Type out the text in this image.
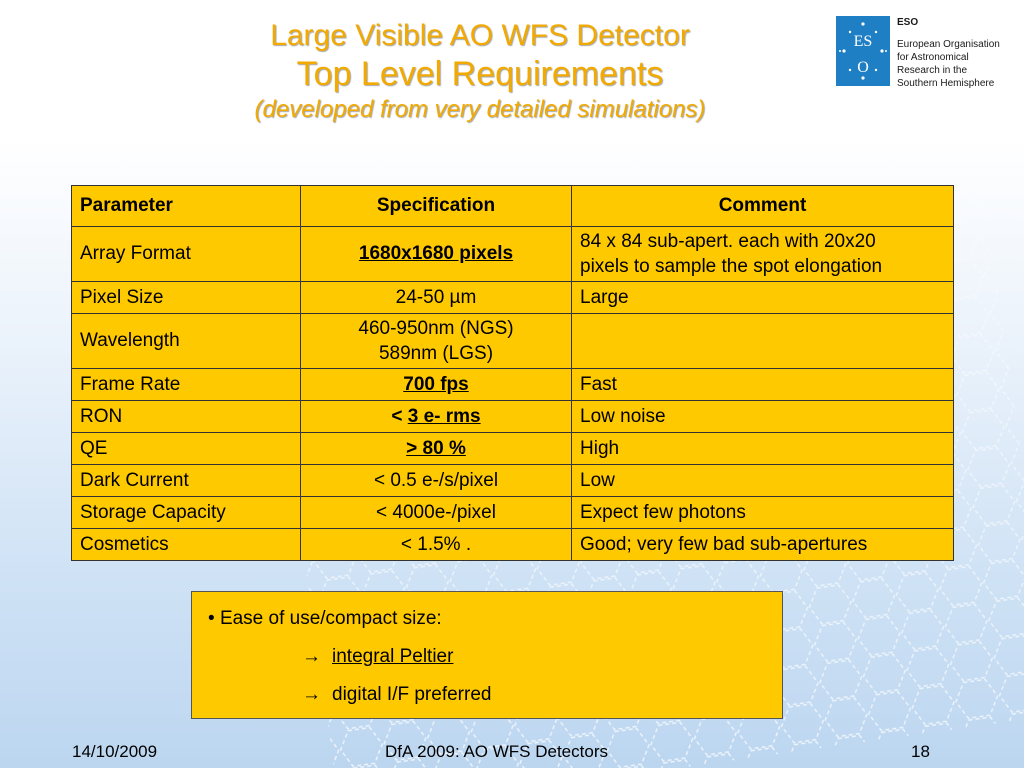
Large Visible AO WFS Detector
Top Level Requirements
(developed from very detailed simulations)
ES
O
ESO
European Organisation
for Astronomical
Research in the
Southern Hemisphere
Parameter	Specification	Comment
Array Format	1680x1680 pixels	84 x 84 sub-apert. each with 20x20
pixels to sample the spot elongation

Pixel Size	24-50 µm	Large
Wavelength	460-950nm (NGS)
589nm (LGS)	

Frame Rate	700 fps	Fast
RON	< 3 e- rms	Low noise
QE	> 80 %	High
Dark Current	< 0.5 e-/s/pixel	Low
Storage Capacity	< 4000e-/pixel	Expect few photons
Cosmetics	< 1.5% .	Good; very few bad sub-apertures
• Ease of use/compact size:
→ integral Peltier
→ digital I/F preferred
14/10/2009	DfA 2009: AO WFS Detectors	18
